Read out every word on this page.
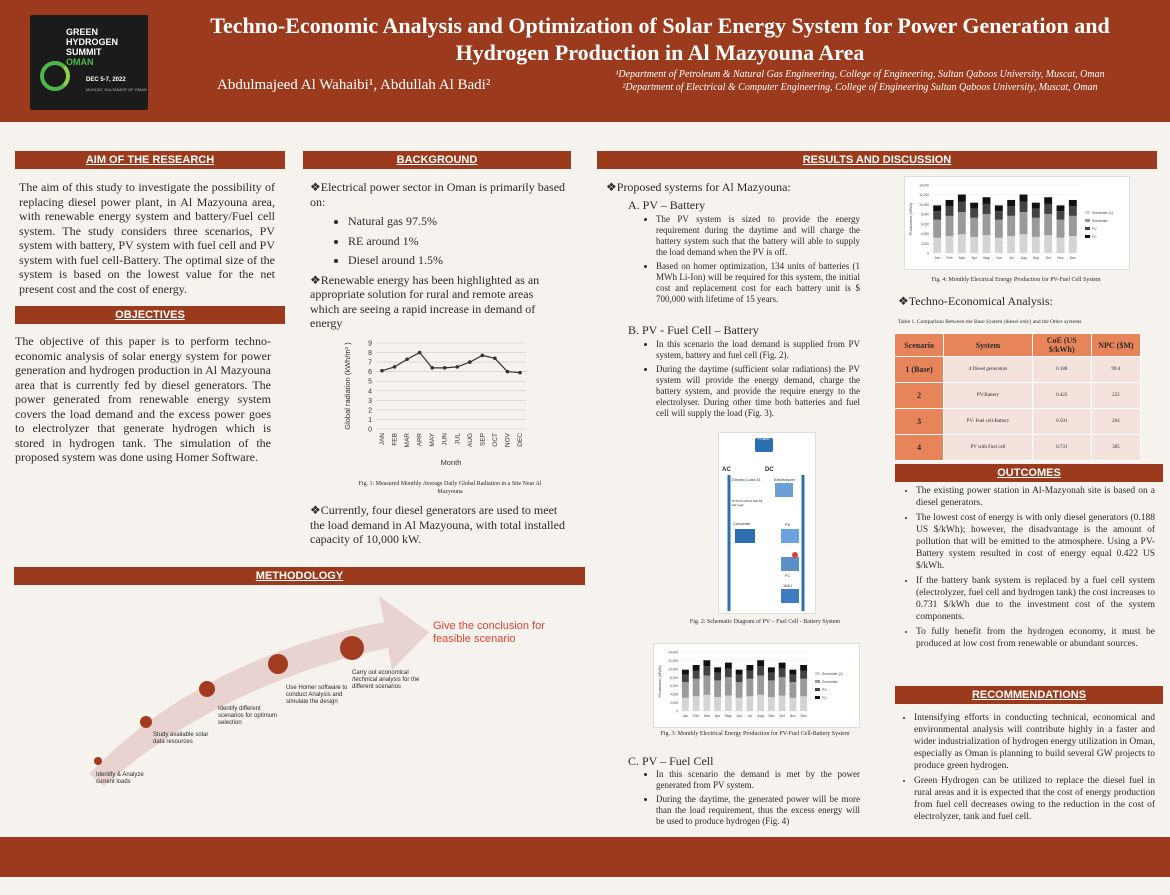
GREEN
HYDROGEN
SUMMIT
OMAN
DEC 5-7, 2022
MUSCAT, SULTANATE OF OMAN
Techno-Economic Analysis and Optimization of Solar Energy System for Power Generation and Hydrogen Production in Al Mazyouna Area
Abdulmajeed Al Wahaibi¹, Abdullah Al Badi²
¹Department of Petroleum & Natural Gas Engineering, College of Engineering, Sultan Qaboos University, Muscat, Oman
²Department of Electrical & Computer Engineering, College of Engineering Sultan Qaboos University, Muscat, Oman
AIM OF THE RESEARCH
The aim of this study to investigate the possibility of replacing diesel power plant, in Al Mazyouna area, with renewable energy system and battery/Fuel cell system. The study considers three scenarios, PV system with battery, PV system with fuel cell and PV system with fuel cell-Battery. The optimal size of the system is based on the lowest value for the net present cost and the cost of energy.
OBJECTIVES
The objective of this paper is to perform techno-economic analysis of solar energy system for power generation and hydrogen production in Al Mazyouna area that is currently fed by diesel generators. The power generated from renewable energy system covers the load demand and the excess power goes to electrolyzer that generate hydrogen which is stored in hydrogen tank. The simulation of the proposed system was done using Homer Software.
BACKGROUND
❖ Electrical power sector in Oman is primarily based on:
• Natural gas 97.5%
• RE around 1%
• Diesel around 1.5%
❖ Renewable energy has been highlighted as an appropriate solution for rural and remote areas which are seeing a rapid increase in demand of energy
0
1
2
3
4
5
6
7
8
9
JAN FEB MAR APR MAY JUN JUL AUG SEP OCT NOV DEC
Global radiation (kWh/m² )
Month
Fig. 1: Measured Monthly Average Daily Global Radiation in a Site Near Al Mazyouna
❖ Currently, four diesel generators are used to meet the load demand in Al Mazyouna, with total installed capacity of 10,000 kW.
METHODOLOGY
Give the conclusion for feasible scenario
Identify & Analyze current loads
Study available solar data resources
Identify different scenarios for optimum selection
Use Homer software to conduct Analysis and simulate the design
Carry out economical /technical analysis for the different scenarios
RESULTS AND DISCUSSION
❖ Proposed systems for Al Mazyouna:
A. PV – Battery
• The PV system is sized to provide the energy requirement during the daytime and will charge the battery system such that the battery will able to supply the load demand when the PV is off.
• Based on homer optimization, 134 units of batteries (1 MWh Li-Ion) will be required for this system, the initial cost and replacement cost for each battery unit is $ 700,000 with lifetime of 15 years.
B. PV - Fuel Cell – Battery
• In this scenario the load demand is supplied from PV system, battery and fuel cell (Fig. 2).
• During the daytime (sufficient solar radiations) the PV system will provide the energy demand, charge the battery system, and provide the require energy to the electrolyser. During other time both batteries and fuel cell will supply the load (Fig. 3).
HTank
AC	DC
Electric Load #1
9779.34 kWh/d 940.83 kW peak
Electrolyzer
Converter	PV
FC
1MLI
Fig. 2: Schematic Diagram of PV – Fuel Cell - Battery System
0
2,000
4,000
6,000
8,000
10,000
12,000
14,000
Jan Feb Mar Apr May Jun Jul Aug Sep Oct Nov Dec
Production (MWh)	Schneider (1)
Schneider
PV
FC
Fig. 3: Monthly Electrical Energy Production for PV-Fuel Cell-Battery System
C. PV – Fuel Cell
• In this scenario the demand is met by the power generated from PV system.
• During the daytime, the generated power will be more than the load requirement, thus the excess energy will be used to produce hydrogen (Fig. 4)
0
2,000
4,000
6,000
8,000
10,000
12,000
14,000
Jan Feb Mar Apr May Jun Jul Aug Sep Oct Nov Dec
Production (MWh)	Schneider (1)
Schneider
PV
FC
Fig. 4: Monthly Electrical Energy Production for PV-Fuel Cell System
❖ Techno-Economical Analysis:
Table 1. Comparison Between the Base System (diesel only) and the Other systems
Scenario	System	CoE (US $/kWh)	NPC ($M)
1 (Base)	4 Diesel generators	0.188	99.4
2	PV-Battery	0.422	222
3	PV- Fuel cell-Battery	0.501	264
4	PV with Fuel cell	0.731	385
OUTCOMES
• The existing power station in Al-Mazyonah site is based on a diesel generators.
• The lowest cost of energy is with only diesel generators (0.188 US $/kWh); however, the disadvantage is the amount of pollution that will be emitted to the atmosphere. Using a PV-Battery system resulted in cost of energy equal 0.422 US $/kWh.
• If the battery bank system is replaced by a fuel cell system (electrolyzer, fuel cell and hydrogen tank) the cost increases to 0.731 $/kWh due to the investment cost of the system components.
• To fully benefit from the hydrogen economy, it must be produced at low cost from renewable or abundant sources.
RECOMMENDATIONS
• Intensifying efforts in conducting technical, economical and environmental analysis will contribute highly in a faster and wider industrialization of hydrogen energy utilization in Oman, especially as Oman is planning to build several GW projects to produce green hydrogen.
• Green Hydrogen can be utilized to replace the diesel fuel in rural areas and it is expected that the cost of energy production from fuel cell decreases owing to the reduction in the cost of electrolyzer, tank and fuel cell.
